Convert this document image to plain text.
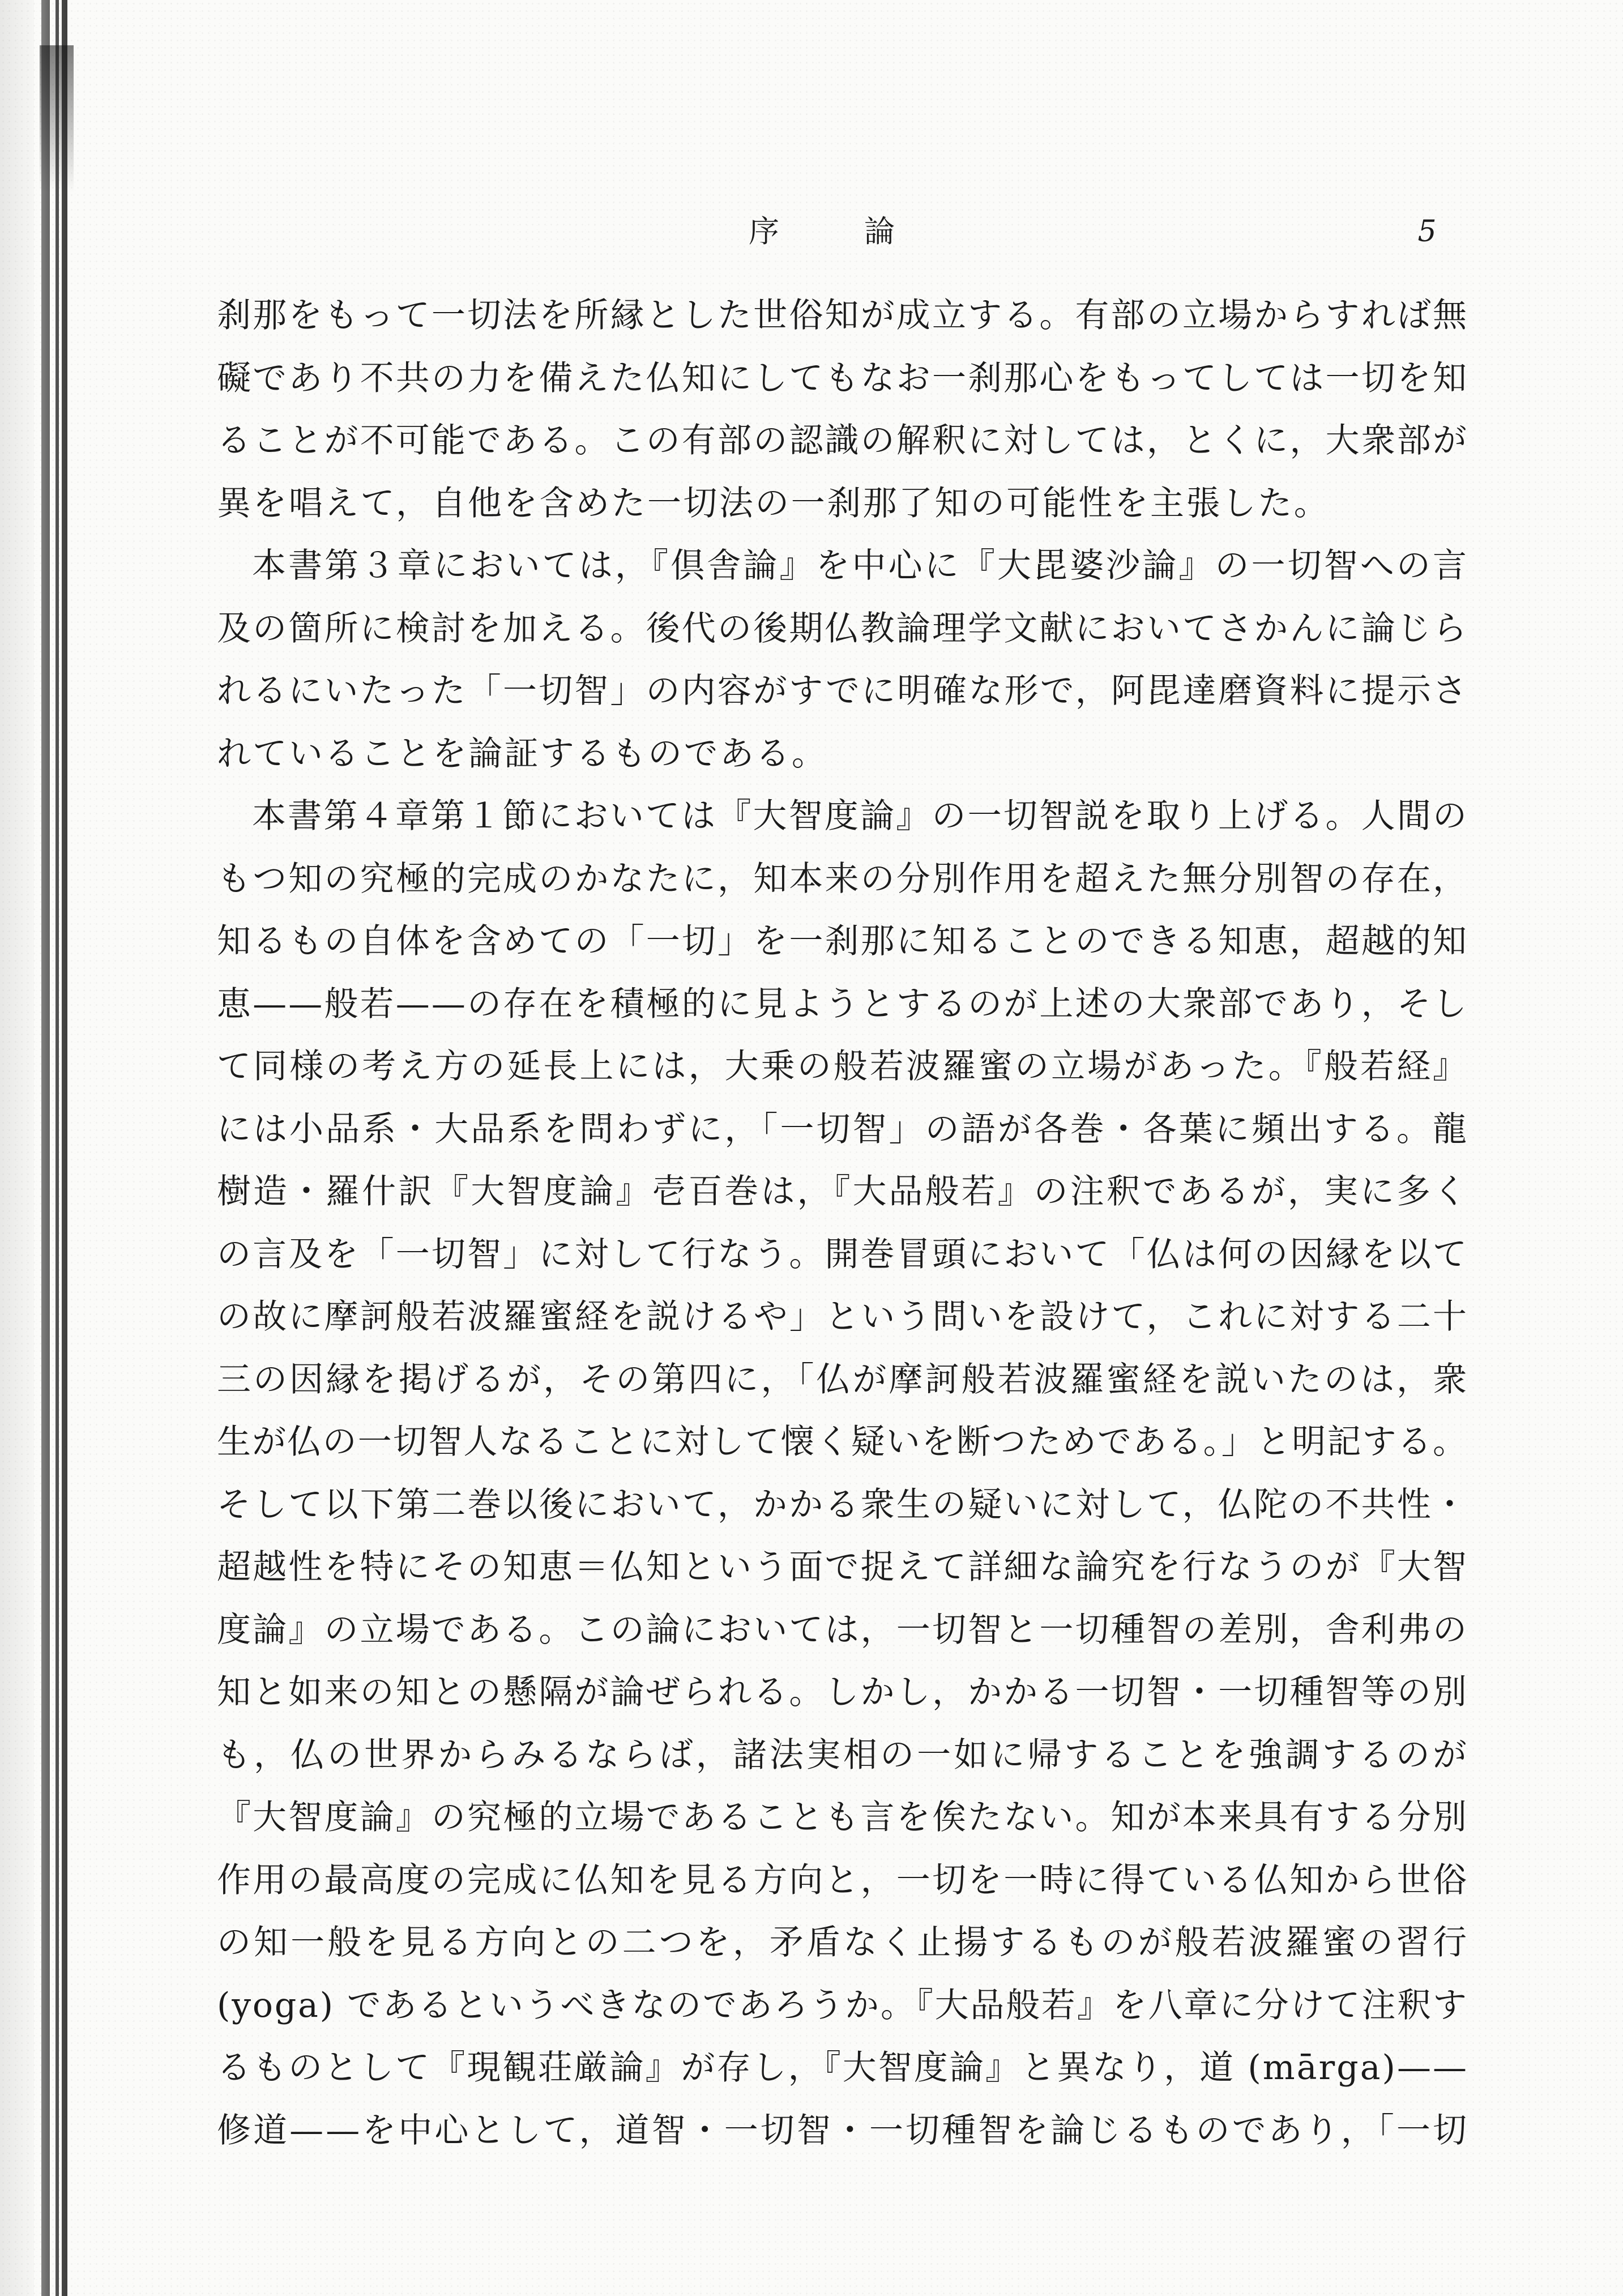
序　論	5
刹那をもって一切法を所縁とした世俗知が成立する。有部の立場からすれば無
礙であり不共の力を備えた仏知にしてもなお一刹那心をもってしては一切を知
ることが不可能である。この有部の認識の解釈に対しては，とくに，大衆部が
異を唱えて，自他を含めた一切法の一刹那了知の可能性を主張した。
本書第３章においては，『倶舎論』を中心に『大毘婆沙論』の一切智への言
及の箇所に検討を加える。後代の後期仏教論理学文献においてさかんに論じら
れるにいたった「一切智」の内容がすでに明確な形で，阿毘達磨資料に提示さ
れていることを論証するものである。
本書第４章第１節においては『大智度論』の一切智説を取り上げる。人間の
もつ知の究極的完成のかなたに，知本来の分別作用を超えた無分別智の存在，
知るもの自体を含めての「一切」を一刹那に知ることのできる知恵，超越的知
恵——般若——の存在を積極的に見ようとするのが上述の大衆部であり，そし
て同様の考え方の延長上には，大乗の般若波羅蜜の立場があった。『般若経』
には小品系・大品系を問わずに，「一切智」の語が各巻・各葉に頻出する。龍
樹造・羅什訳『大智度論』壱百巻は，『大品般若』の注釈であるが，実に多く
の言及を「一切智」に対して行なう。開巻冒頭において「仏は何の因縁を以て
の故に摩訶般若波羅蜜経を説けるや」という問いを設けて，これに対する二十
三の因縁を掲げるが，その第四に，「仏が摩訶般若波羅蜜経を説いたのは，衆
生が仏の一切智人なることに対して懐く疑いを断つためである。」と明記する。
そして以下第二巻以後において，かかる衆生の疑いに対して，仏陀の不共性・
超越性を特にその知恵＝仏知という面で捉えて詳細な論究を行なうのが『大智
度論』の立場である。この論においては，一切智と一切種智の差別，舎利弗の
知と如来の知との懸隔が論ぜられる。しかし，かかる一切智・一切種智等の別
も，仏の世界からみるならば，諸法実相の一如に帰することを強調するのが
『大智度論』の究極的立場であることも言を俟たない。知が本来具有する分別
作用の最高度の完成に仏知を見る方向と，一切を一時に得ている仏知から世俗
の知一般を見る方向との二つを，矛盾なく止揚するものが般若波羅蜜の習行
(yoga) であるというべきなのであろうか。『大品般若』を八章に分けて注釈す
るものとして『現観荘厳論』が存し，『大智度論』と異なり，道 (mārga)——
修道——を中心として，道智・一切智・一切種智を論じるものであり，「一切
